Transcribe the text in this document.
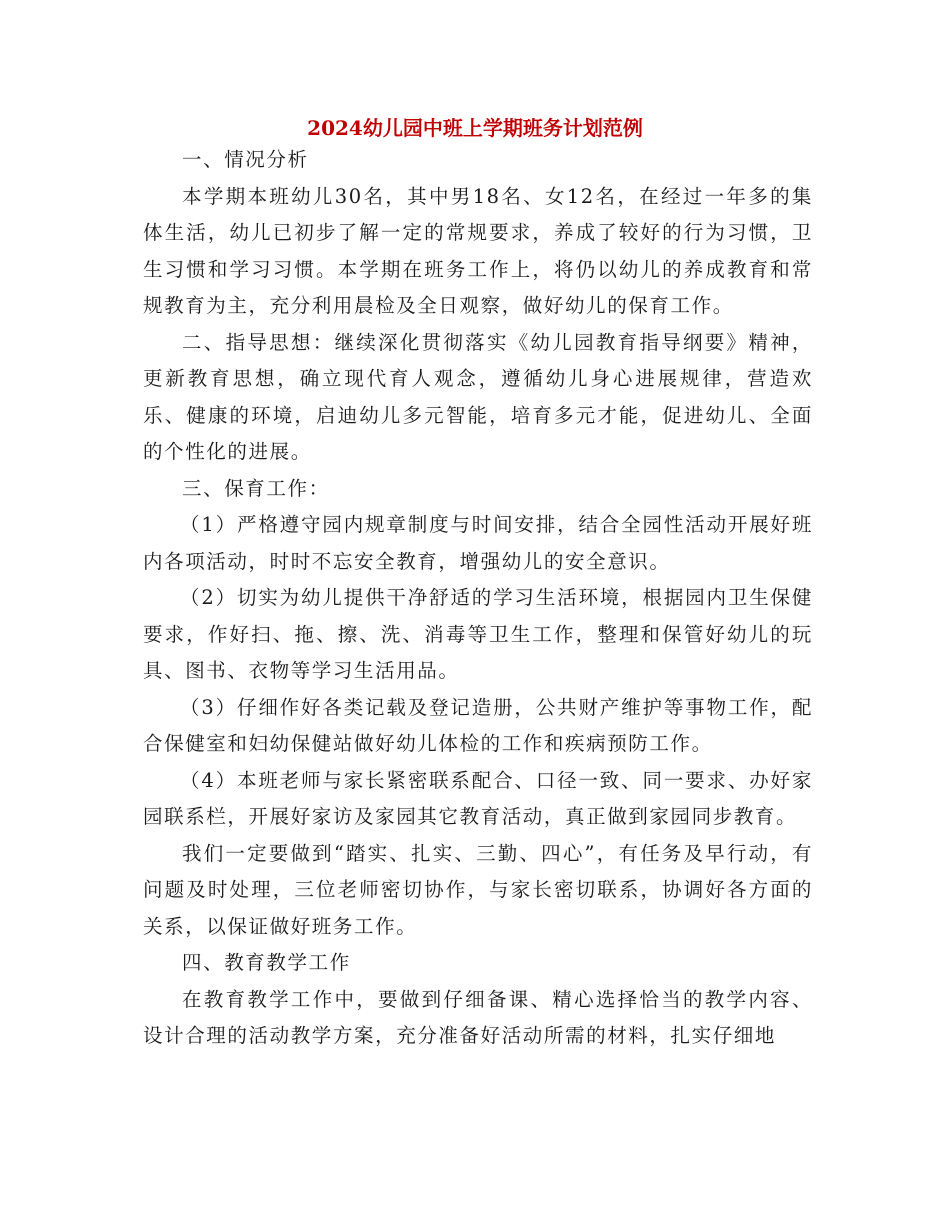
2024幼儿园中班上学期班务计划范例

一、情况分析

本学期本班幼儿30名，其中男18名、女12名，在经过一年多的集体生活，幼儿已初步了解一定的常规要求，养成了较好的行为习惯，卫生习惯和学习习惯。本学期在班务工作上，将仍以幼儿的养成教育和常规教育为主，充分利用晨检及全日观察，做好幼儿的保育工作。

二、指导思想：继续深化贯彻落实《幼儿园教育指导纲要》精神，更新教育思想，确立现代育人观念，遵循幼儿身心进展规律，营造欢乐、健康的环境，启迪幼儿多元智能，培育多元才能，促进幼儿、全面的个性化的进展。

三、保育工作：

（1）严格遵守园内规章制度与时间安排，结合全园性活动开展好班内各项活动，时时不忘安全教育，增强幼儿的安全意识。

（2）切实为幼儿提供干净舒适的学习生活环境，根据园内卫生保健要求，作好扫、拖、擦、洗、消毒等卫生工作，整理和保管好幼儿的玩具、图书、衣物等学习生活用品。

（3）仔细作好各类记载及登记造册，公共财产维护等事物工作，配合保健室和妇幼保健站做好幼儿体检的工作和疾病预防工作。

（4）本班老师与家长紧密联系配合、口径一致、同一要求、办好家园联系栏，开展好家访及家园其它教育活动，真正做到家园同步教育。

我们一定要做到“踏实、扎实、三勤、四心”，有任务及早行动，有问题及时处理，三位老师密切协作，与家长密切联系，协调好各方面的关系，以保证做好班务工作。

四、教育教学工作

在教育教学工作中，要做到仔细备课、精心选择恰当的教学内容、设计合理的活动教学方案，充分准备好活动所需的材料，扎实仔细地
